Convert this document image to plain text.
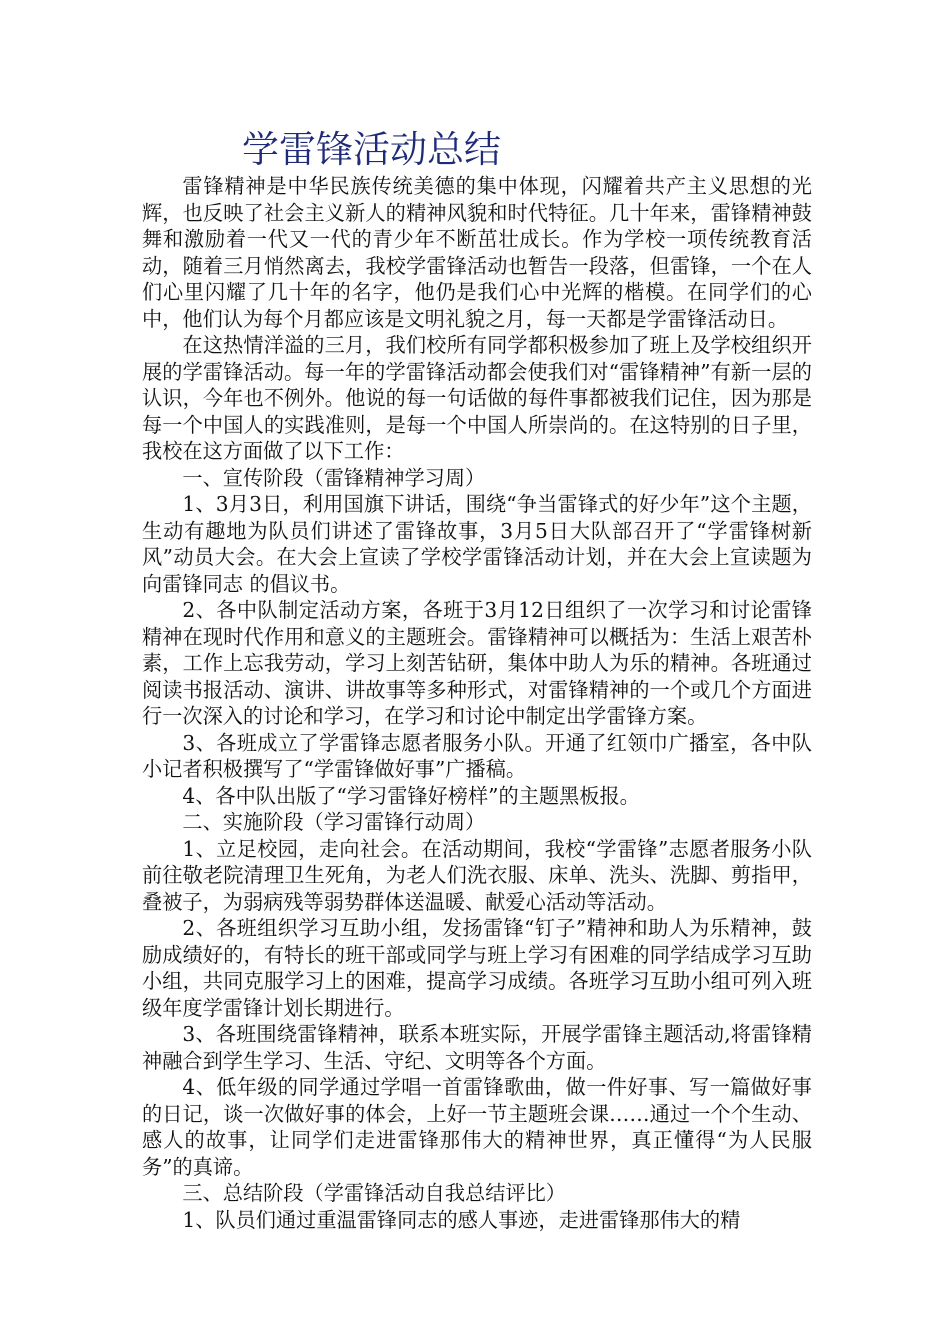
学雷锋活动总结

雷锋精神是中华民族传统美德的集中体现，闪耀着共产主义思想的光辉，也反映了社会主义新人的精神风貌和时代特征。几十年来，雷锋精神鼓舞和激励着一代又一代的青少年不断茁壮成长。作为学校一项传统教育活动，随着三月悄然离去，我校学雷锋活动也暂告一段落，但雷锋，一个在人们心里闪耀了几十年的名字，他仍是我们心中光辉的楷模。在同学们的心中，他们认为每个月都应该是文明礼貌之月，每一天都是学雷锋活动日。

在这热情洋溢的三月，我们校所有同学都积极参加了班上及学校组织开展的学雷锋活动。每一年的学雷锋活动都会使我们对“雷锋精神”有新一层的认识，今年也不例外。他说的每一句话做的每件事都被我们记住，因为那是每一个中国人的实践准则，是每一个中国人所崇尚的。在这特别的日子里，我校在这方面做了以下工作：

一、宣传阶段（雷锋精神学习周）

1、3月3日，利用国旗下讲话，围绕“争当雷锋式的好少年”这个主题，生动有趣地为队员们讲述了雷锋故事，3月5日大队部召开了“学雷锋树新风”动员大会。在大会上宣读了学校学雷锋活动计划，并在大会上宣读题为向雷锋同志 的倡议书。

2、各中队制定活动方案，各班于3月12日组织了一次学习和讨论雷锋精神在现时代作用和意义的主题班会。雷锋精神可以概括为：生活上艰苦朴素，工作上忘我劳动，学习上刻苦钻研，集体中助人为乐的精神。各班通过阅读书报活动、演讲、讲故事等多种形式，对雷锋精神的一个或几个方面进行一次深入的讨论和学习，在学习和讨论中制定出学雷锋方案。

3、各班成立了学雷锋志愿者服务小队。开通了红领巾广播室，各中队小记者积极撰写了“学雷锋做好事”广播稿。

4、各中队出版了“学习雷锋好榜样”的主题黑板报。

二、实施阶段（学习雷锋行动周）

1、立足校园，走向社会。在活动期间，我校“学雷锋”志愿者服务小队前往敬老院清理卫生死角，为老人们洗衣服、床单、洗头、洗脚、剪指甲，叠被子，为弱病残等弱势群体送温暖、献爱心活动等活动。

2、各班组织学习互助小组，发扬雷锋“钉子”精神和助人为乐精神，鼓励成绩好的，有特长的班干部或同学与班上学习有困难的同学结成学习互助小组，共同克服学习上的困难，提高学习成绩。各班学习互助小组可列入班级年度学雷锋计划长期进行。

3、各班围绕雷锋精神，联系本班实际，开展学雷锋主题活动,将雷锋精神融合到学生学习、生活、守纪、文明等各个方面。

4、低年级的同学通过学唱一首雷锋歌曲，做一件好事、写一篇做好事的日记，谈一次做好事的体会，上好一节主题班会课……通过一个个生动、感人的故事，让同学们走进雷锋那伟大的精神世界，真正懂得“为人民服务”的真谛。

三、总结阶段（学雷锋活动自我总结评比）

1、队员们通过重温雷锋同志的感人事迹，走进雷锋那伟大的精
